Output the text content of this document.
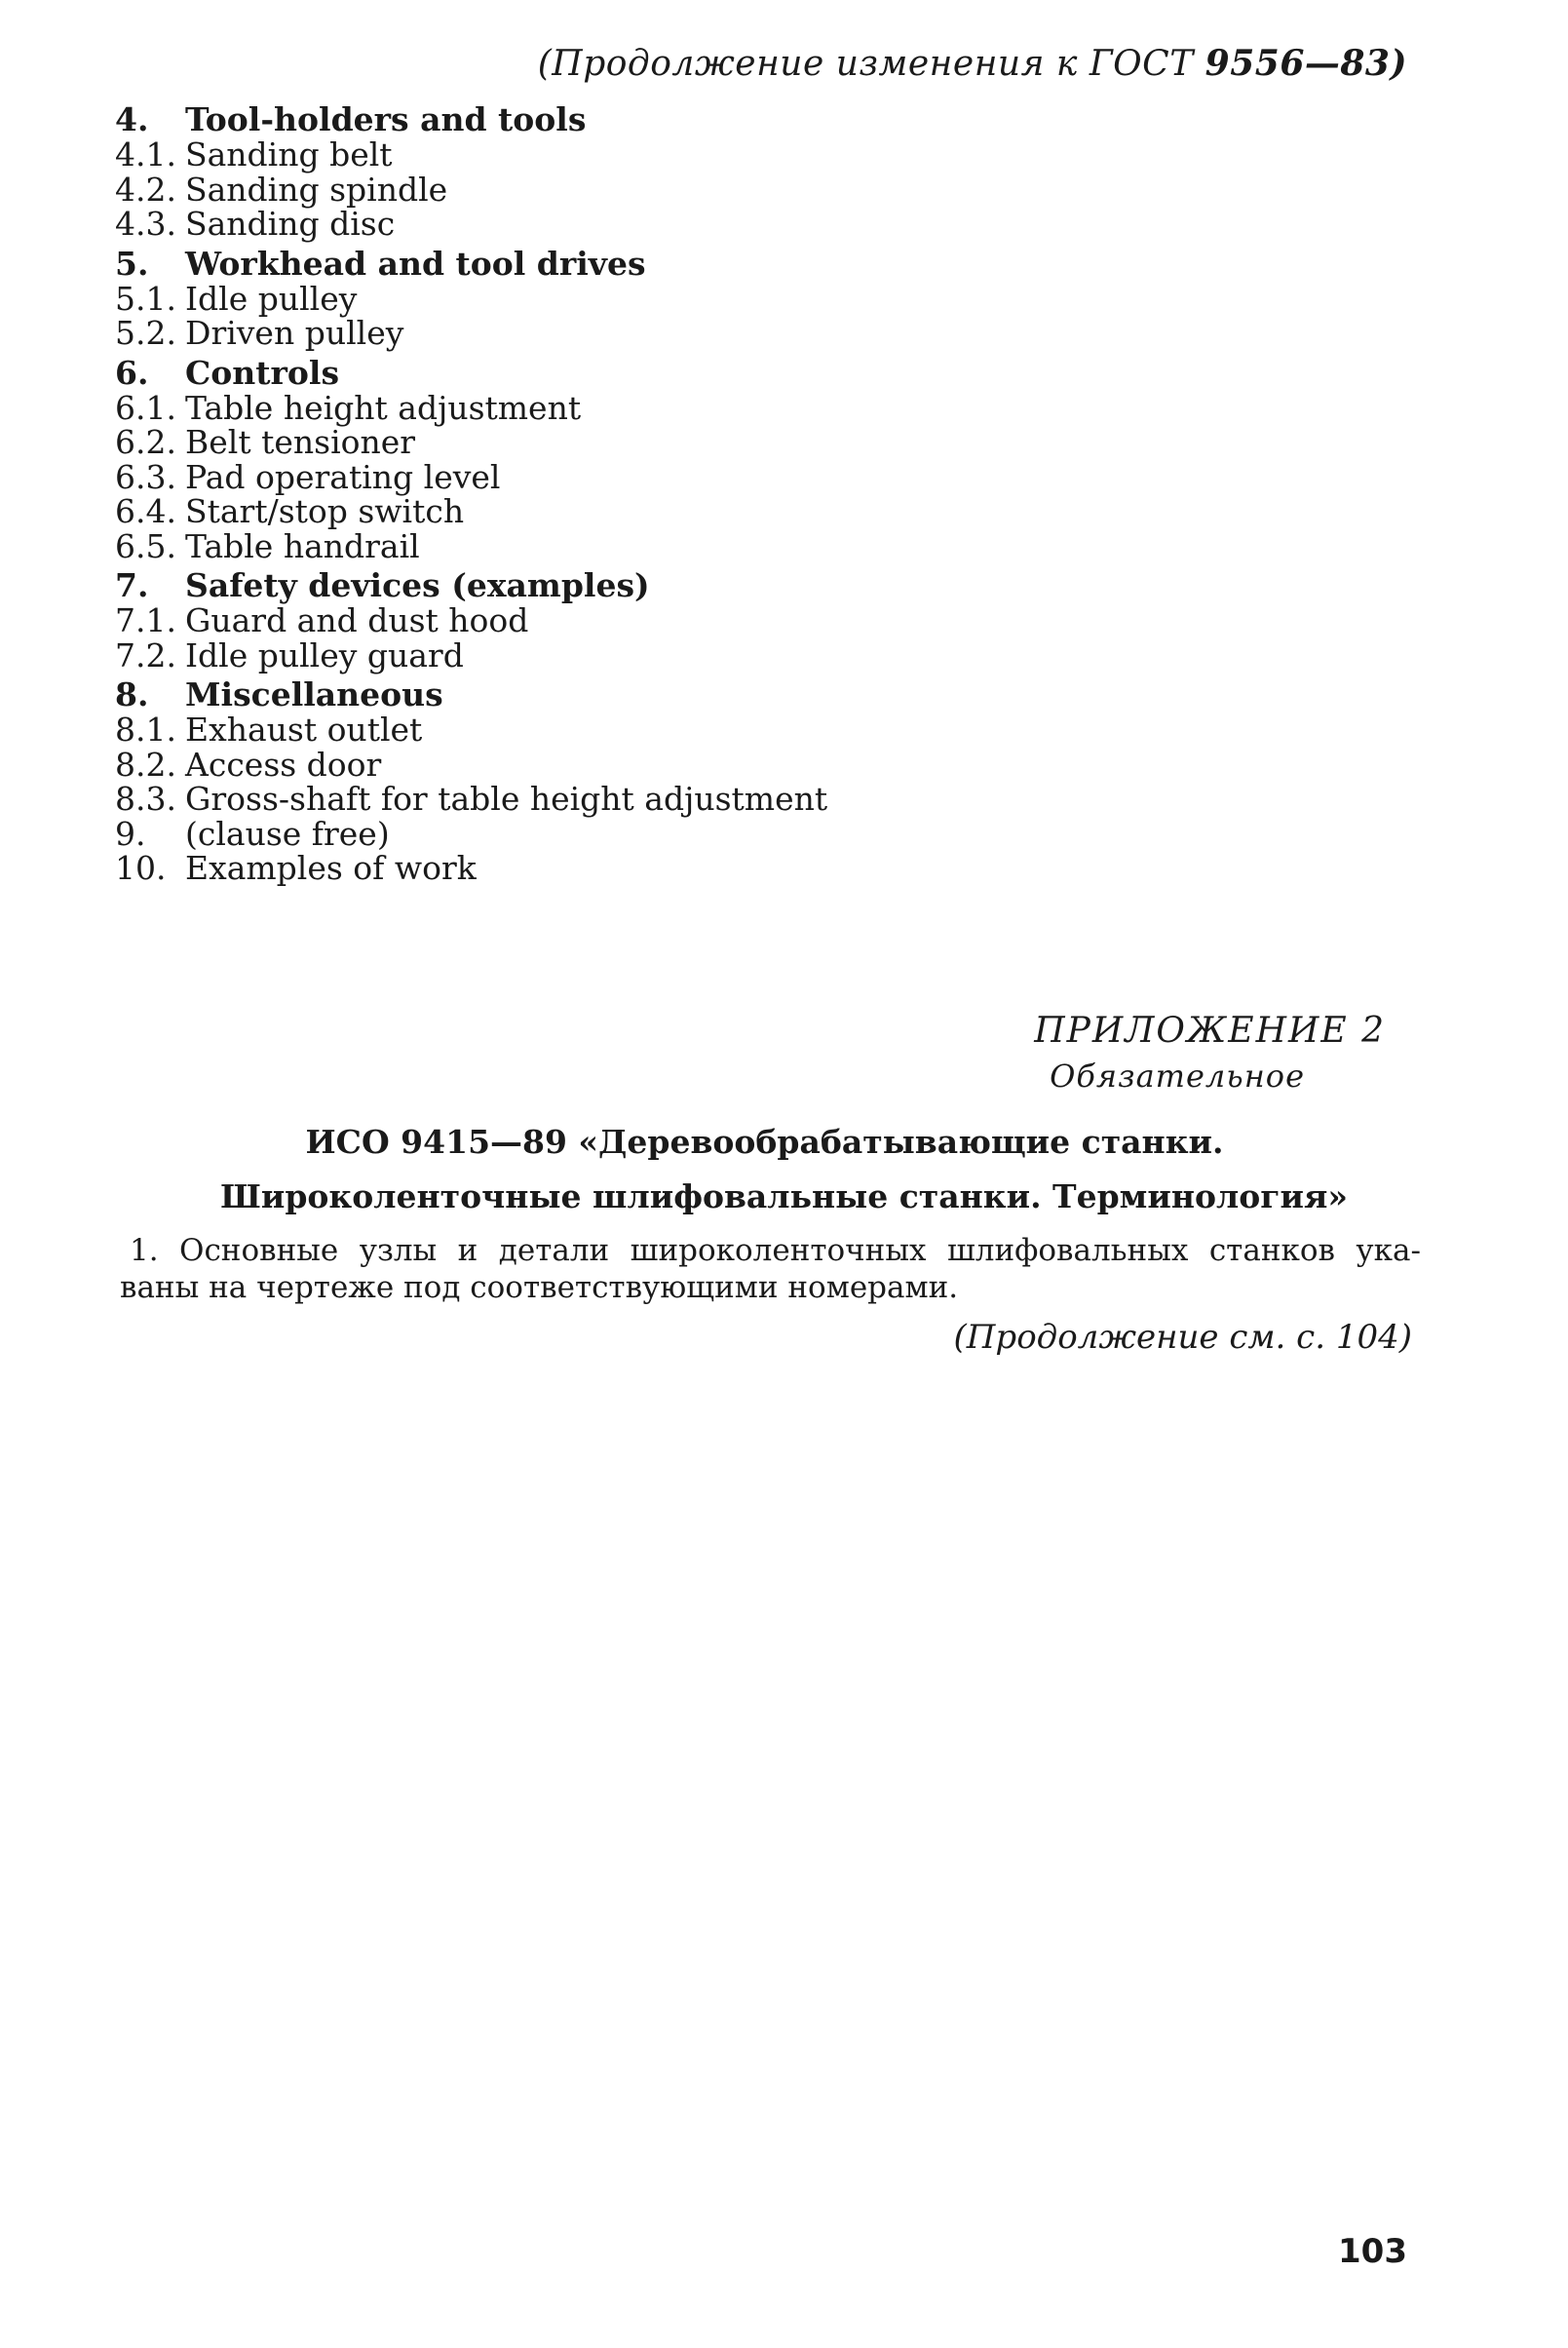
(Продолжение изменения к ГОСТ 9556—83)
4.	Tool-holders and tools
4.1. Sanding belt
4.2. Sanding spindle
4.3. Sanding disc
5.	Workhead and tool drives
5.1. Idle pulley
5.2. Driven pulley
6.	Controls
6.1. Table height adjustment
6.2. Belt tensioner
6.3. Pad operating level
6.4. Start/stop switch
6.5. Table handrail
7.	Safety devices (examples)
7.1. Guard and dust hood
7.2. Idle pulley guard
8.	Miscellaneous
8.1. Exhaust outlet
8.2. Access door
8.3. Gross-shaft for table height adjustment
9.	(clause free)
10. Examples of work
ПРИЛОЖЕНИЕ 2
Обязательное
ИСО 9415—89 «Деревообрабатывающие станки.
Широколенточные шлифовальные станки. Терминология»
1. Основные узлы и детали широколенточных шлифовальных станков ука-
ваны на чертеже под соответствующими номерами.
(Продолжение см. с. 104)
103
